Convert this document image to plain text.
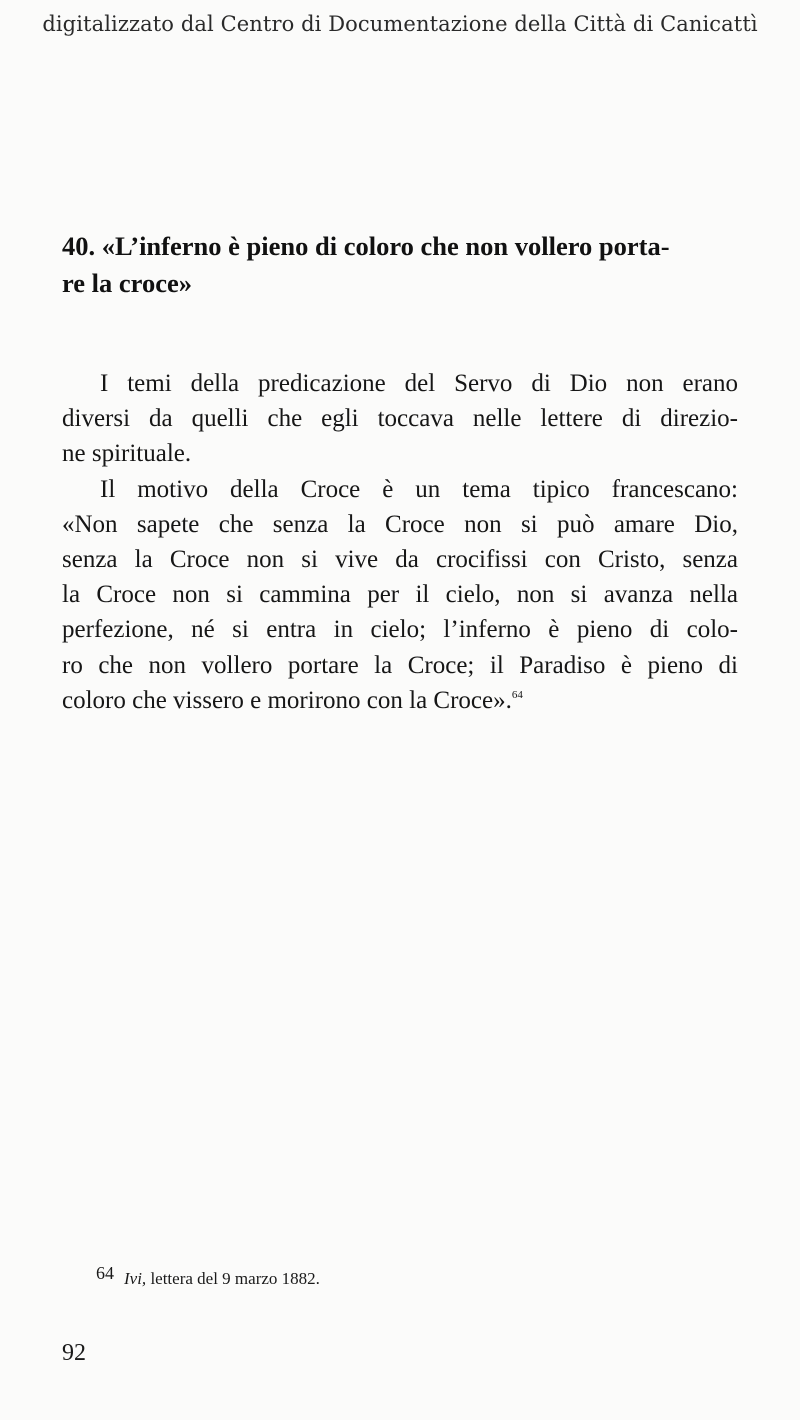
digitalizzato dal Centro di Documentazione della Città di Canicattì
40. «L’inferno è pieno di coloro che non vollero porta-
re la croce»
I temi della predicazione del Servo di Dio non erano
diversi da quelli che egli toccava nelle lettere di direzio-
ne spirituale.
Il motivo della Croce è un tema tipico francescano:
«Non sapete che senza la Croce non si può amare Dio,
senza la Croce non si vive da crocifissi con Cristo, senza
la Croce non si cammina per il cielo, non si avanza nella
perfezione, né si entra in cielo; l’inferno è pieno di colo-
ro che non vollero portare la Croce; il Paradiso è pieno di
coloro che vissero e morirono con la Croce».$^{64}$
64 Ivi, lettera del 9 marzo 1882.
92
